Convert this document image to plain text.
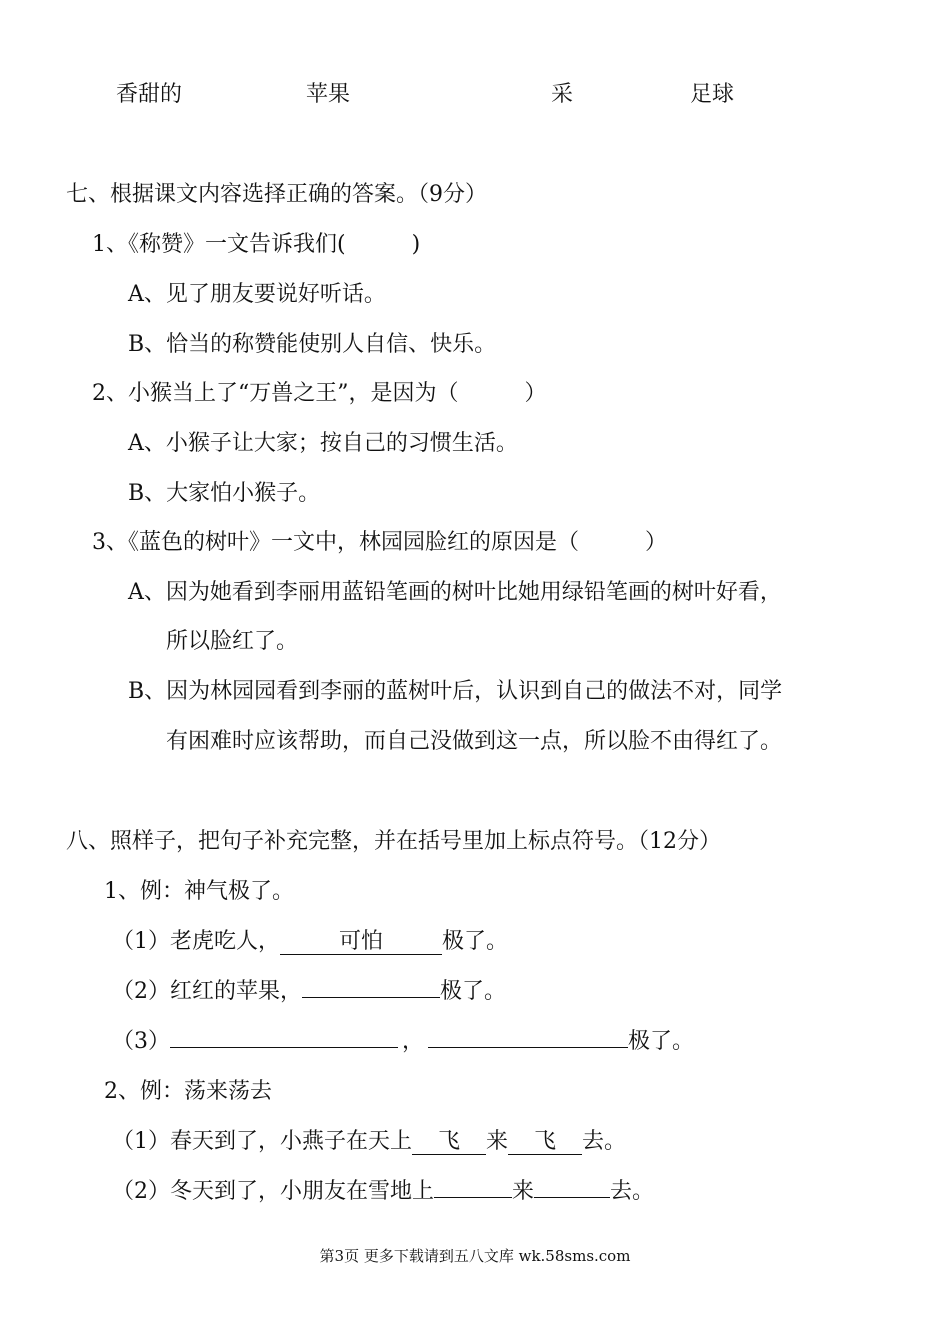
香甜的	苹果	采	足球
七、根据课文内容选择正确的答案。（9分）
1、《称赞》一文告诉我们(　　　)
A、见了朋友要说好听话。
B、恰当的称赞能使别人自信、快乐。
2、小猴当上了“万兽之王”，是因为（　　　）
A、小猴子让大家；按自己的习惯生活。
B、大家怕小猴子。
3、《蓝色的树叶》一文中，林园园脸红的原因是（　　　）
A、因为她看到李丽用蓝铅笔画的树叶比她用绿铅笔画的树叶好看，
所以脸红了。
B、因为林园园看到李丽的蓝树叶后，认识到自己的做法不对，同学
有困难时应该帮助，而自己没做到这一点，所以脸不由得红了。
八、照样子，把句子补充完整，并在括号里加上标点符号。（12分）
1、例：神气极了。
（1）老虎吃人，	可怕	极了。
（2）红红的苹果，	极了。
（3）	，	极了。
2、例：荡来荡去
（1）春天到了，小燕子在天上 飞 来 飞 去。
（2）冬天到了，小朋友在雪地上	来	去。
第3页 更多下载请到五八文库 wk.58sms.com
